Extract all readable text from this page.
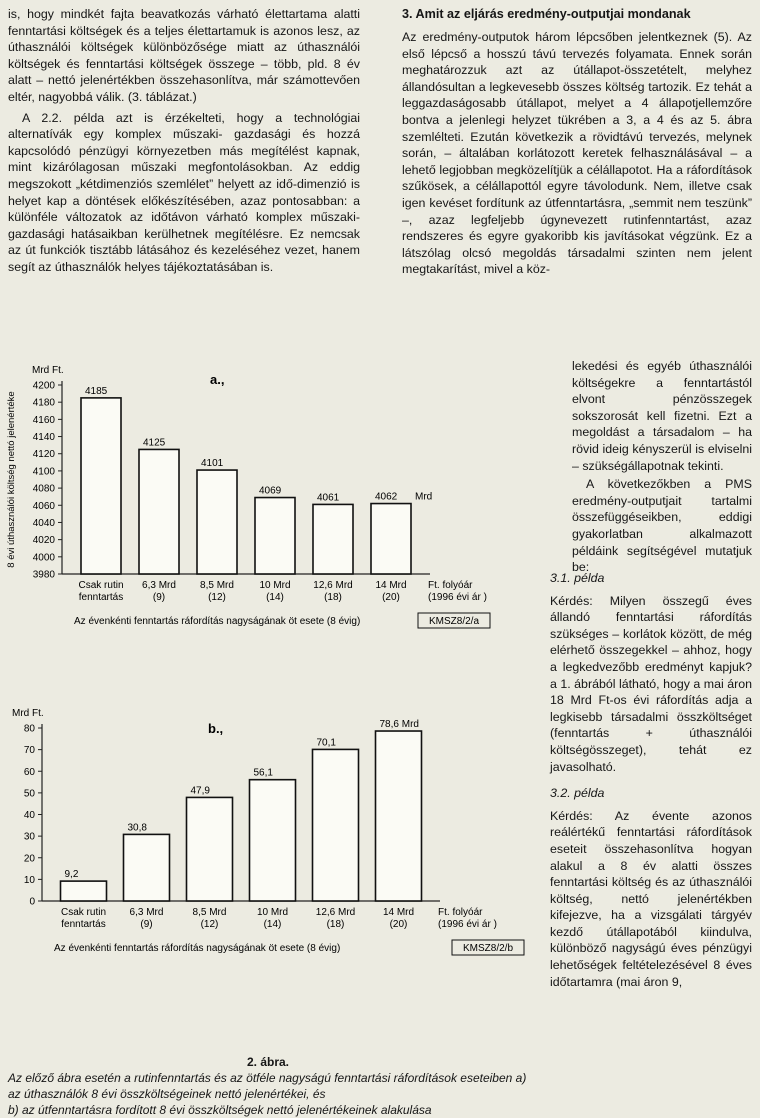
is, hogy mindkét fajta beavatkozás várható élettartama alatti fenntartási költségek és a teljes élettartamuk is azonos lesz, az úthasználói költségek különbözősége miatt az úthasználói költségek és fenntartási költségek összege – több, pld. 8 év alatt – nettó jelenértékben összehasonlítva, már számottevően eltér, nagyobbá válik. (3. táblázat.)

A 2.2. példa azt is érzékelteti, hogy a technológiai alternatívák egy komplex műszaki- gazdasági és hozzá kapcsolódó pénzügyi környezetben más megítélést kapnak, mint kizárólagosan műszaki megfontolásokban. Az eddig megszokott „kétdimenziós szemlélet” helyett az idő-dimenzió is helyet kap a döntések előkészítésében, azaz pontosabban: a különféle változatok az időtávon várható komplex műszaki-gazdasági hatásaikban kerülhetnek megítélésre. Ez nemcsak az út funkciók tisztább látásához és kezeléséhez vezet, hanem segít az úthasználók helyes tájékoztatásában is.

3. Amit az eljárás eredmény-outputjai mondanak

Az eredmény-outputok három lépcsőben jelentkeznek (5). Az első lépcső a hosszú távú tervezés folyamata. Ennek során meghatározzuk azt az útállapot-összetételt, melyhez állandósultan a legkevesebb összes költség tartozik. Ez tehát a leggazdaságosabb útállapot, melyet a 4 állapotjellemzőre bontva a jelenlegi helyzet tükrében a 3, a 4 és az 5. ábra szemlélteti. Ezután következik a rövidtávú tervezés, melynek során, – általában korlátozott keretek felhasználásával – a lehető legjobban megközelítjük a célállapotot. Ha a ráfordítások szűkösek, a célállapottól egyre távolodunk. Nem, illetve csak igen kevéset fordítunk az útfenntartásra, „semmit nem teszünk” –, azaz legfeljebb úgynevezett rutinfenntartást, azaz rendszeres és egyre gyakoribb kis javításokat végzünk. Ez a látszólag olcsó megoldás társadalmi szinten nem jelent megtakarítást, mivel a köz-

lekedési és egyéb úthasználói költségekre a fenntartástól elvont pénzösszegek sokszorosát kell fizetni. Ezt a megoldást a társadalom – ha rövid ideig kényszerül is elviselni – szükségállapotnak tekinti.

A következőkben a PMS eredmény-outputjait tartalmi összefüggéseikben, eddigi gyakorlatban alkalmazott példáink segítségével mutatjuk be:

3.1. példa

Kérdés: Milyen összegű éves állandó fenntartási ráfordítás szükséges – korlátok között, de még elérhető összegekkel – ahhoz, hogy a legkedvezőbb eredményt kapjuk? a 1. ábrából látható, hogy a mai áron 18 Mrd Ft-os évi ráfordítás adja a legkisebb társadalmi összköltséget (fenntartás + úthasználói költségösszeget), tehát ez javasolható.

3.2. példa

Kérdés: Az évente azonos reálértékű fenntartási ráfordítások eseteit összehasonlítva hogyan alakul a 8 év alatti összes fenntartási költség és az úthasználói költség, nettó jelenértékben kifejezve, ha a vizsgálati tárgyév kezdő útállapotából kiindulva, különböző nagyságú éves pénzügyi lehetőségek feltételezésével 8 éves időtartamra (mai áron 9,

Mrd Ft.
8 évi úthasználói költség nettó jelenértéke
a.,
3980
4000
4020
4040
4060
4080
4100
4120
4140
4160
4180
4200	4185
Csak rutin
fenntartás
4125
6,3 Mrd
(9)
4101
8,5 Mrd
(12)
4069
10 Mrd
(14)
4061
12,6 Mrd
(18)
4062
14 Mrd
(20)
Mrd
Ft. folyóár
(1996 évi ár )
Az évenkénti fenntartás ráfordítás nagyságának öt esete (8 évig)	KMSZ8/2/a
Mrd Ft.
b.,
0
10
20
30
40
50
60
70
80
9,2
Csak rutin
fenntartás
30,8
6,3 Mrd
(9)
47,9
8,5 Mrd
(12)
56,1
10 Mrd
(14)
70,1
12,6 Mrd
(18)
78,6 Mrd
14 Mrd
(20)
Ft. folyóár
(1996 évi ár )
Az évenkénti fenntartás ráfordítás nagyságának öt esete (8 évig)	KMSZ8/2/b
2. ábra.
Az előző ábra esetén a rutinfenntartás és az ötféle nagyságú fenntartási ráfordítások eseteiben a) az úthasználók 8 évi összköltségeinek nettó jelenértékei, és
b) az útfenntartásra fordított 8 évi összköltségek nettó jelenértékeinek alakulása
